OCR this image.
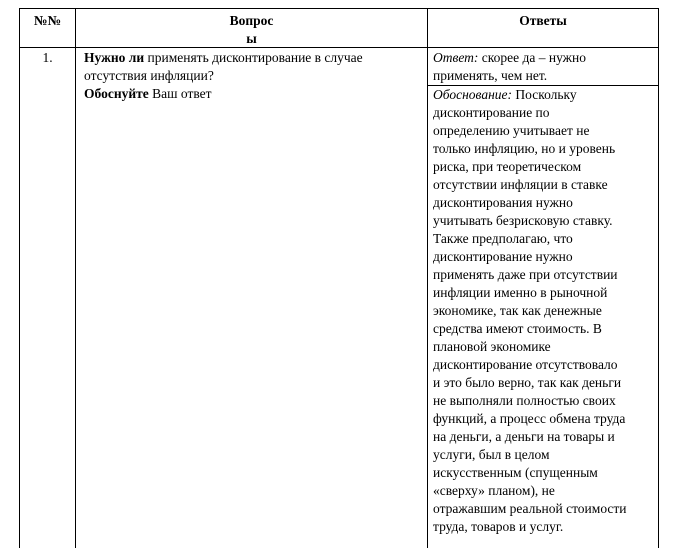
№№	Вопрос
ы
Ответы
1.	Нужно ли применять дисконтирование в случае
отсутствия инфляции?
Обоснуйте Ваш ответ
Ответ: скорее да – нужно
применять, чем нет.
Обоснование: Поскольку
дисконтирование по
определению учитывает не
только инфляцию, но и уровень
риска, при теоретическом
отсутствии инфляции в ставке
дисконтирования нужно
учитывать безрисковую ставку.
Также предполагаю, что
дисконтирование нужно
применять даже при отсутствии
инфляции именно в рыночной
экономике, так как денежные
средства имеют стоимость. В
плановой экономике
дисконтирование отсутствовало
и это было верно, так как деньги
не выполняли полностью своих
функций, а процесс обмена труда
на деньги, а деньги на товары и
услуги, был в целом
искусственным (спущенным
«сверху» планом), не
отражавшим реальной стоимости
труда, товаров и услуг.
